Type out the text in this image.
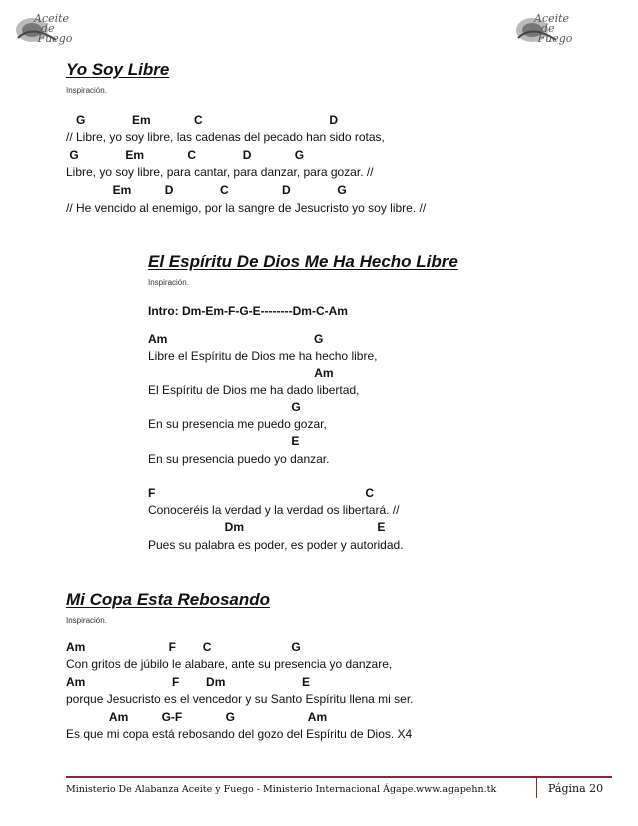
Aceite
de
Fuego
Aceite
de
Fuego
Yo Soy Libre
Inspiración.
G              Em             C                                      D
// Libre, yo soy libre, las cadenas del pecado han sido rotas,
G              Em             C              D             G
Libre, yo soy libre, para cantar, para danzar, para gozar. //
Em          D              C                D              G
// He vencido al enemigo, por la sangre de Jesucristo yo soy libre. //
El Espíritu De Dios Me Ha Hecho Libre
Inspiración.
Intro: Dm-Em-F-G-E--------Dm-C-Am
Am                                            G
Libre el Espíritu de Dios me ha hecho libre,
Am
El Espíritu de Dios me ha dado libertad,
G
En su presencia me puedo gozar,
E
En su presencia puedo yo danzar.
F                                                               C
Conoceréis la verdad y la verdad os libertará. //
Dm                                        E
Pues su palabra es poder, es poder y autoridad.
Mi Copa Esta Rebosando
Inspiración.
Am                         F        C                        G
Con gritos de júbilo le alabare, ante su presencia yo danzare,
Am                          F        Dm                       E
porque Jesucristo es el vencedor y su Santo Espíritu llena mi ser.
Am          G-F             G                      Am
Es que mi copa está rebosando del gozo del Espíritu de Dios. X4
Ministerio De Alabanza Aceite y Fuego - Ministerio Internacional Ágape. www.agapehn.tk	Página 20
